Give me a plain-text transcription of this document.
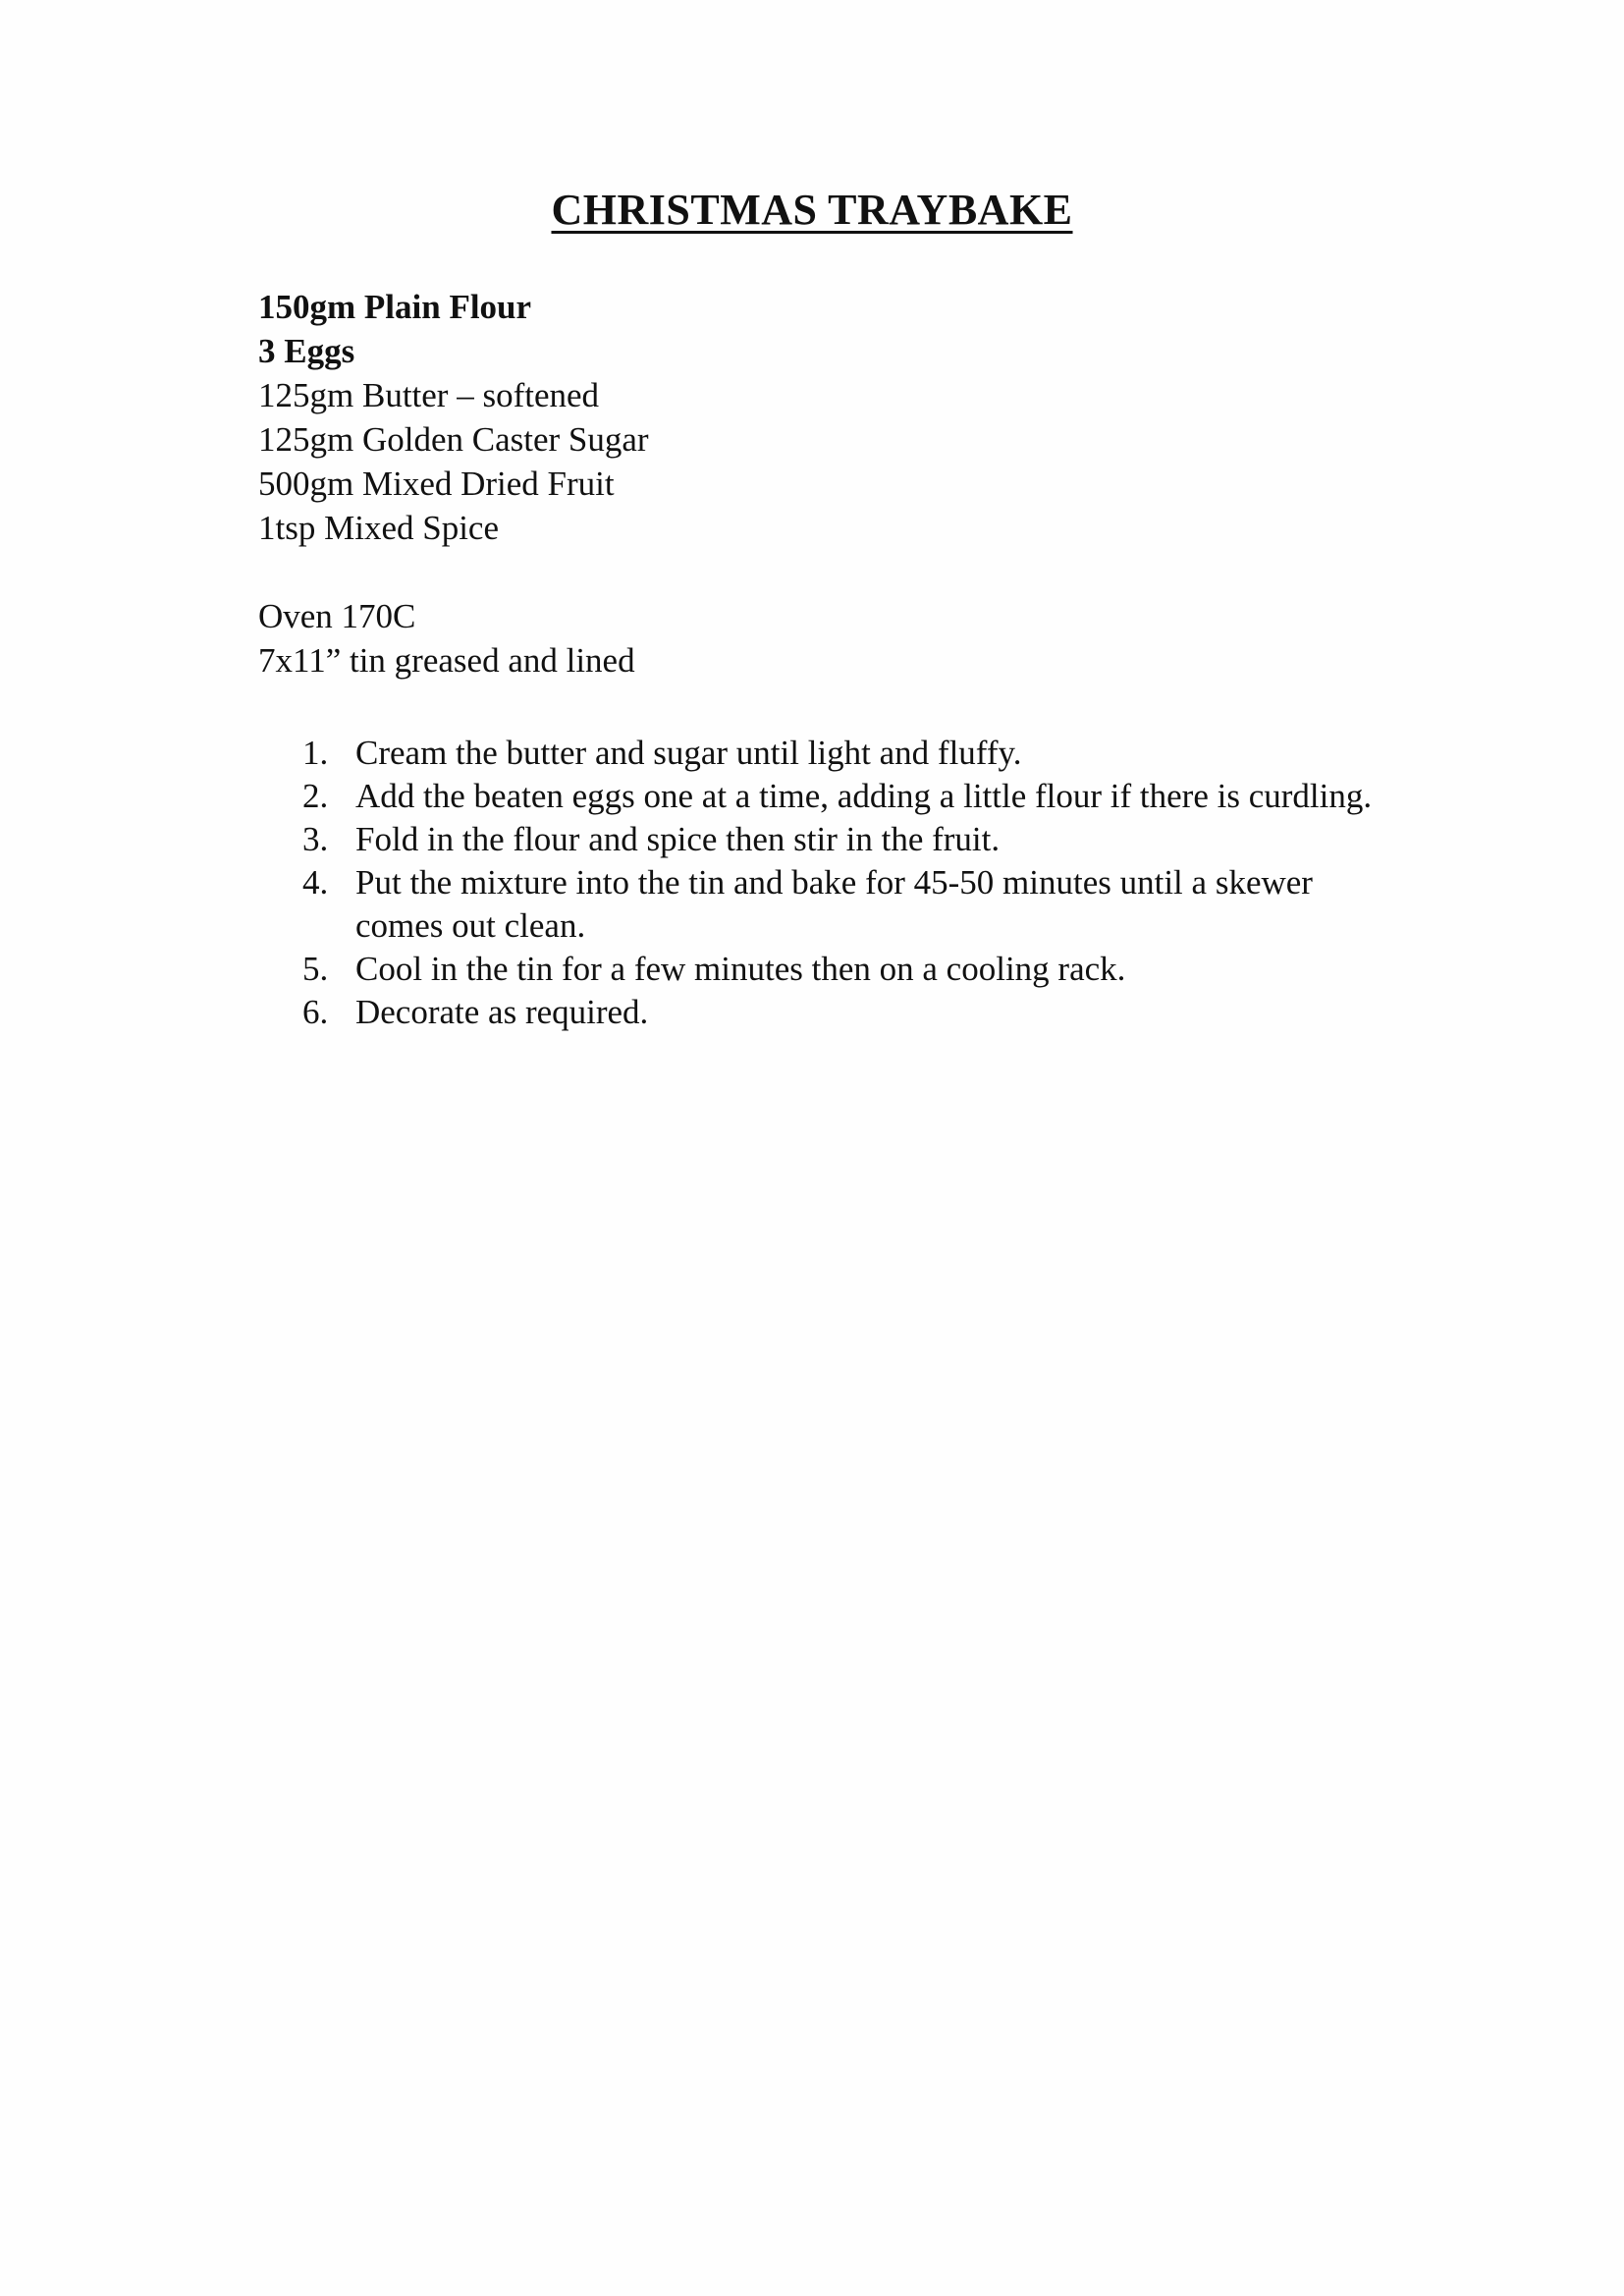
CHRISTMAS TRAYBAKE
150gm Plain Flour
3 Eggs
125gm Butter – softened
125gm Golden Caster Sugar
500gm Mixed Dried Fruit
1tsp Mixed Spice
Oven 170C
7x11” tin greased and lined
1. Cream the butter and sugar until light and fluffy.
2. Add the beaten eggs one at a time, adding a little flour if there is curdling.
3. Fold in the flour and spice then stir in the fruit.
4. Put the mixture into the tin and bake for 45-50 minutes until a skewer comes out clean.
5. Cool in the tin for a few minutes then on a cooling rack.
6. Decorate as required.
